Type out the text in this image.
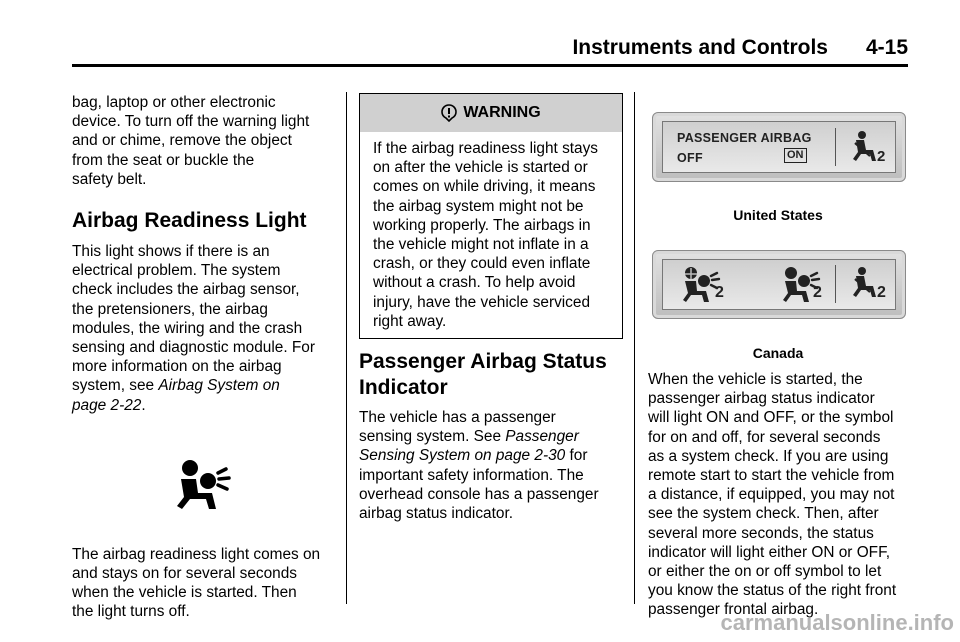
Instruments and Controls 4-15

bag, laptop or other electronic
device. To turn off the warning light
and or chime, remove the object
from the seat or buckle the
safety belt.

Airbag Readiness Light

This light shows if there is an
electrical problem. The system
check includes the airbag sensor,
the pretensioners, the airbag
modules, the wiring and the crash
sensing and diagnostic module. For
more information on the airbag
system, see Airbag System on
page 2-22.

The airbag readiness light comes on
and stays on for several seconds
when the vehicle is started. Then
the light turns off.

WARNING
If the airbag readiness light stays
on after the vehicle is started or
comes on while driving, it means
the airbag system might not be
working properly. The airbags in
the vehicle might not inflate in a
crash, or they could even inflate
without a crash. To help avoid
injury, have the vehicle serviced
right away.
Passenger Airbag Status
Indicator

The vehicle has a passenger
sensing system. See Passenger
Sensing System on page 2-30 for
important safety information. The
overhead console has a passenger
airbag status indicator.

PASSENGER AIRBAG
OFF	ON	2
United States
2	2	2
Canada

When the vehicle is started, the
passenger airbag status indicator
will light ON and OFF, or the symbol
for on and off, for several seconds
as a system check. If you are using
remote start to start the vehicle from
a distance, if equipped, you may not
see the system check. Then, after
several more seconds, the status
indicator will light either ON or OFF,
or either the on or off symbol to let
you know the status of the right front
passenger frontal airbag.

carmanualsonline.info
